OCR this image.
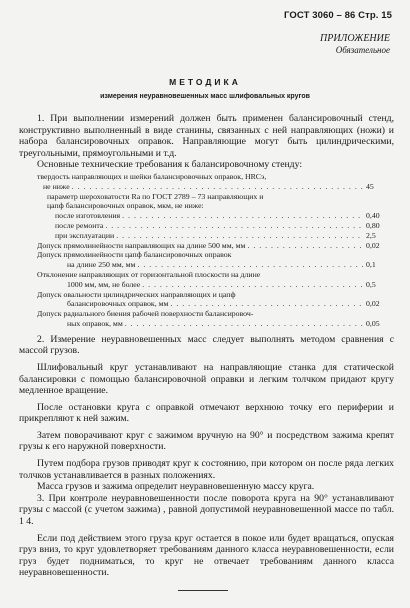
ГОСТ 3060 – 86 Стр. 15
ПРИЛОЖЕНИЕ
Обязательное
МЕТОДИКА
измерения неуравновешенных масс шлифовальных кругов

1. При выполнении измерений должен быть применен балансировочный стенд, конструктивно выполненный в виде станины, связанных с ней направляющих (ножи) и набора балансировочных оправок. Направляющие могут быть цилиндрическими, треугольными, прямоугольными и т.д.

Основные технические требования к балансировочному стенду:

твердость направляющих и шейки балансировочных оправок, HRCэ,
не ниже . . .	45
параметр шероховатости Ra по ГОСТ 2789 – 73 направляющих и
цапф балансировочных оправок, мкм, не ниже:
после изготовления . . .	0,40
после ремонта . . .	0,80
при эксплуатации . . .	2,5
Допуск прямолинейности направляющих на длине 500 мм, мм . . .	0,02
Допуск прямолинейности цапф балансировочных оправок
на длине 250 мм, мм . . .	0,1
Отклонение направляющих от горизонтальной плоскости на длине
1000 мм, мм, не более . . .	0,5
Допуск овальности цилиндрических направляющих и цапф
балансировочных оправок, мм . . .	0,02
Допуск радиального биения рабочей поверхности балансировоч-
ных оправок, мм . . .	0,05

2. Измерение неуравновешенных масс следует выполнять методом сравнения с массой грузов.

Шлифовальный круг устанавливают на направляющие станка для статической балансировки с помощью балансировочной оправки и легким толчком придают кругу медленное вращение.

После остановки круга с оправкой отмечают верхнюю точку его периферии и прикрепляют к ней зажим.

Затем поворачивают круг с зажимом вручную на 90° и посредством зажима крепят грузы к его наружной поверхности.

Путем подбора грузов приводят круг к состоянию, при котором он после ряда легких толчков устанавливается в разных положениях.

Масса грузов и зажима определит неуравновешенную массу круга.

3. При контроле неуравновешенности после поворота круга на 90° устанавливают грузы с массой (с учетом зажима) , равной допустимой неуравновешенной массе по табл. 1 4.

Если под действием этого груза круг остается в покое или будет вращаться, опуская груз вниз, то круг удовлетворяет требованиям данного класса неуравновешенности, если груз будет подниматься, то круг не отвечает требованиям данного класса неуравновешенности.
